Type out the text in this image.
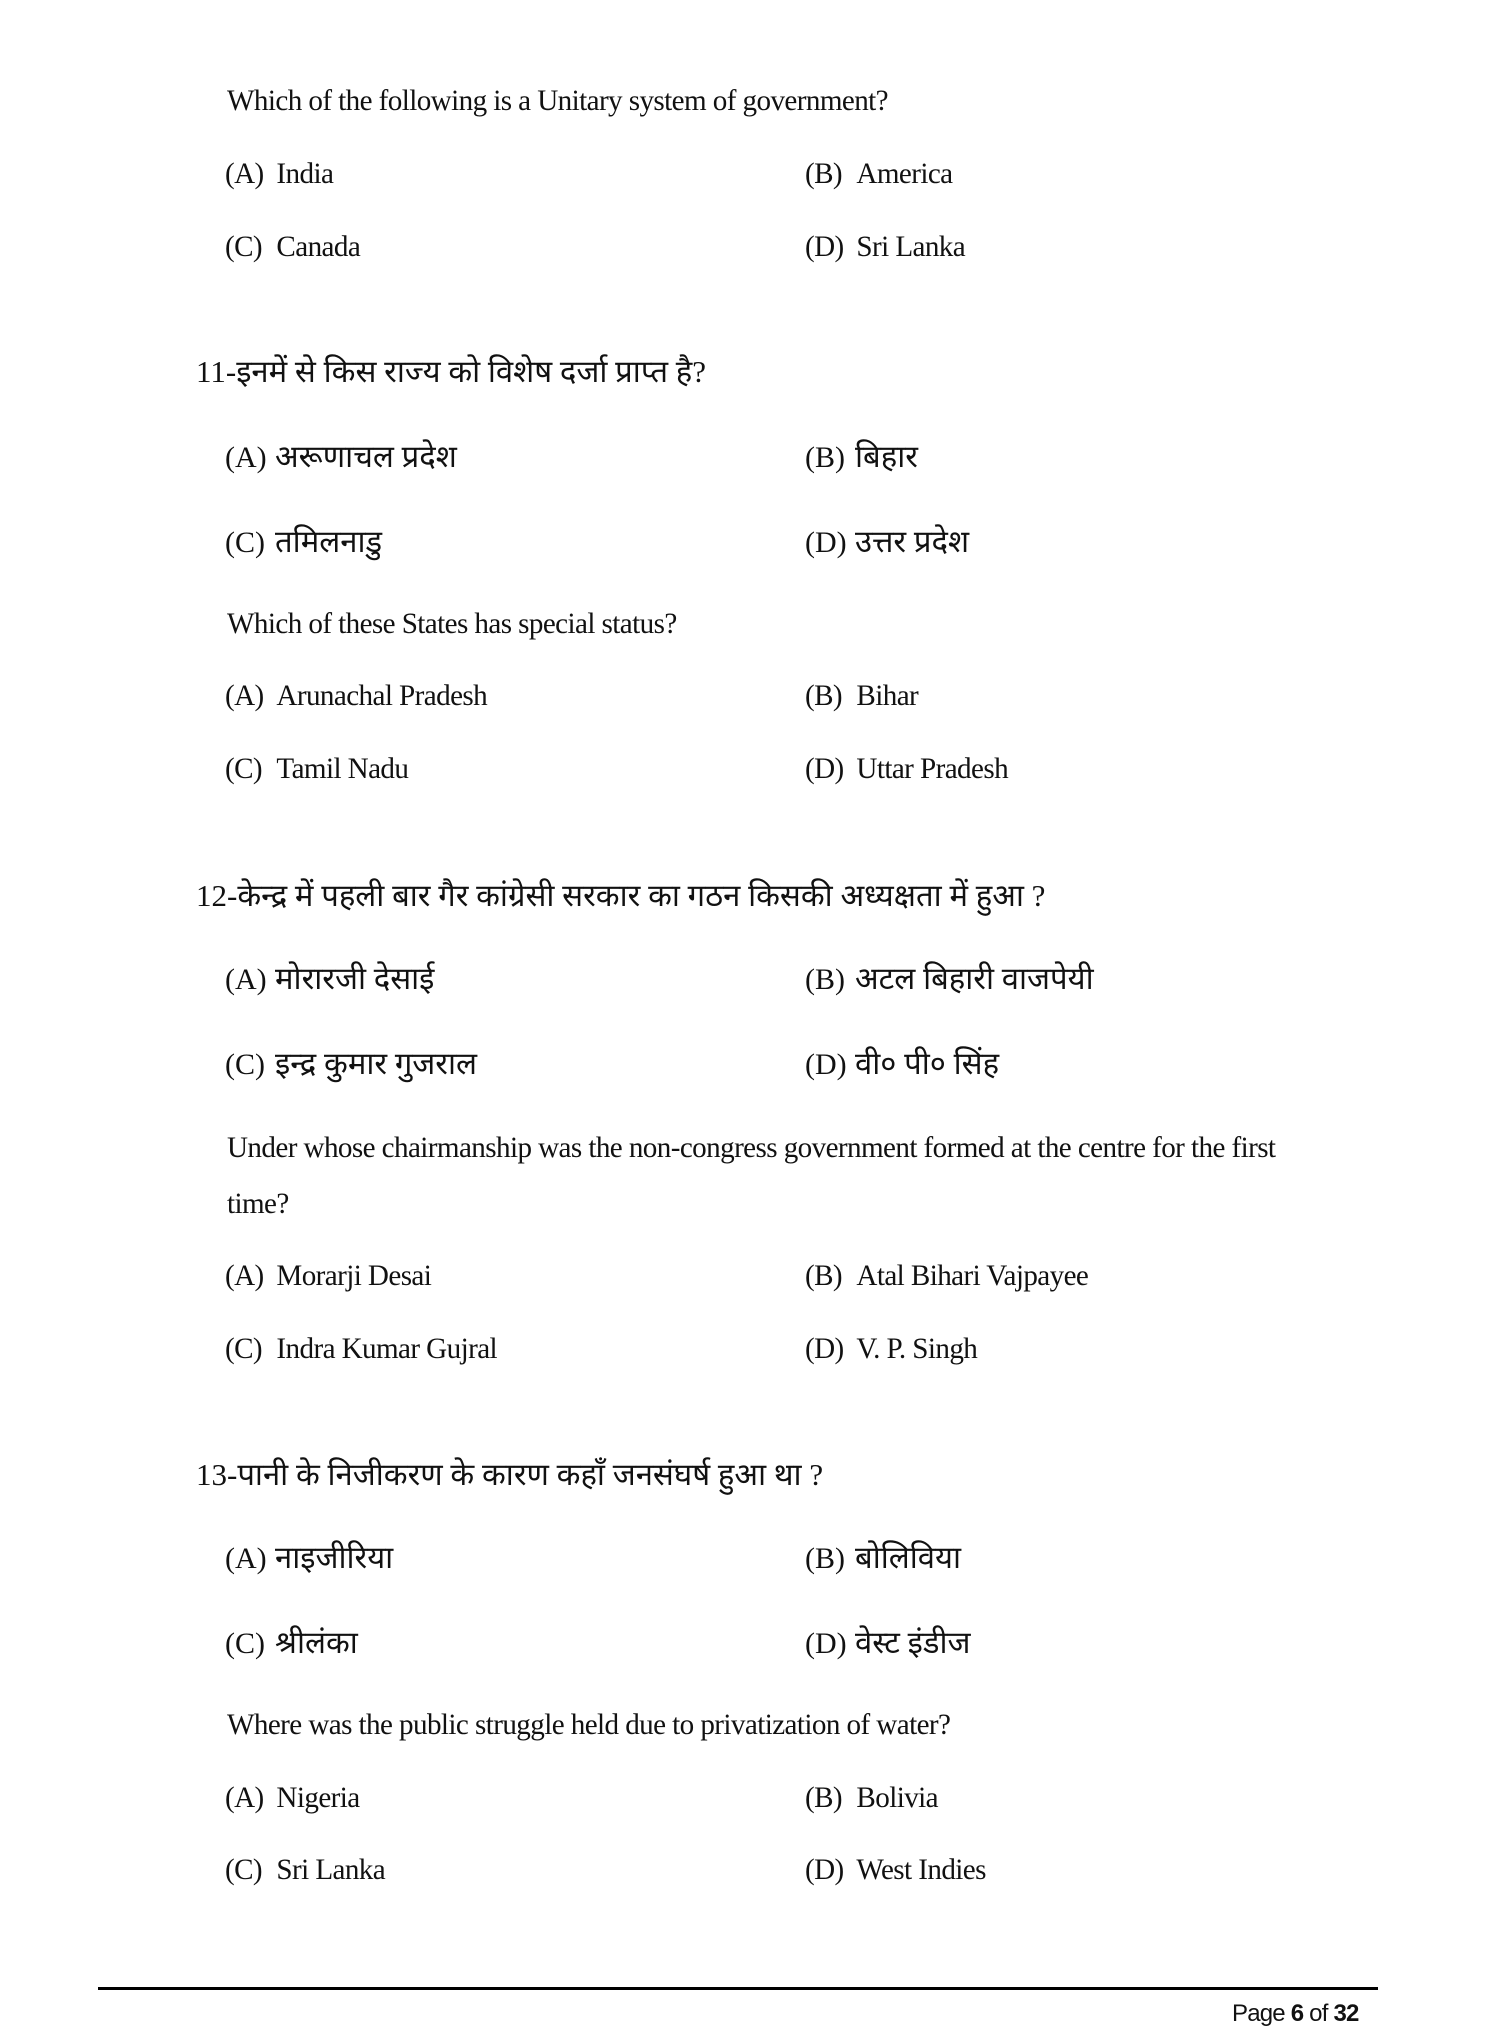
Which of the following is a Unitary system of government?
(A) India	(B) America
(C) Canada	(D) Sri Lanka
11-इनमें से किस राज्य को विशेष दर्जा प्राप्त है?
(A) अरूणाचल प्रदेश	(B) बिहार
(C) तमिलनाडु	(D) उत्तर प्रदेश
Which of these States has special status?
(A) Arunachal Pradesh	(B) Bihar
(C) Tamil Nadu	(D) Uttar Pradesh
12-केन्द्र में पहली बार गैर कांग्रेसी सरकार का गठन किसकी अध्यक्षता में हुआ ?
(A) मोरारजी देसाई	(B) अटल बिहारी वाजपेयी
(C) इन्द्र कुमार गुजराल	(D) वी० पी० सिंह
Under whose chairmanship was the non-congress government formed at the centre for the first
time?
(A) Morarji Desai	(B) Atal Bihari Vajpayee
(C) Indra Kumar Gujral	(D) V. P. Singh
13-पानी के निजीकरण के कारण कहाँ जनसंघर्ष हुआ था ?
(A) नाइजीरिया	(B) बोलिविया
(C) श्रीलंका	(D) वेस्ट इंडीज
Where was the public struggle held due to privatization of water?
(A) Nigeria	(B) Bolivia
(C) Sri Lanka	(D) West Indies
Page 6 of 32
